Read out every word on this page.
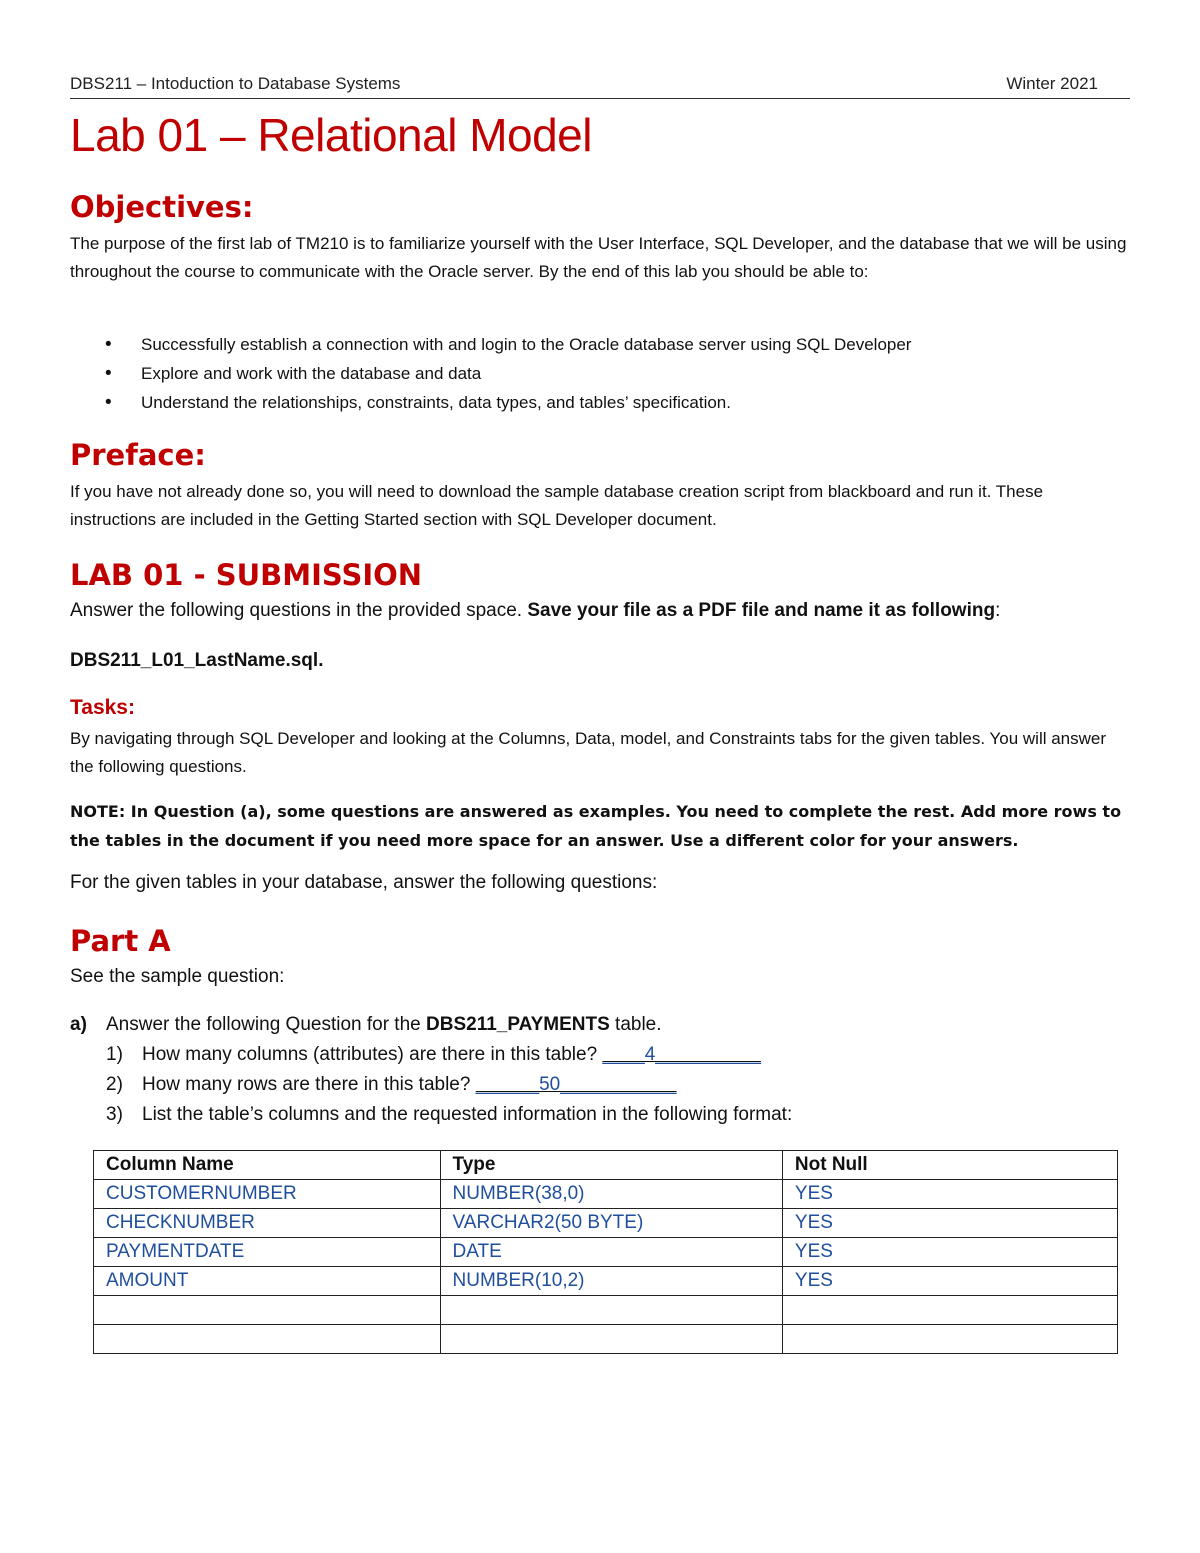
DBS211 – Intoduction to Database Systems	Winter 2021
Lab 01 – Relational Model
Objectives:
The purpose of the first lab of TM210 is to familiarize yourself with the User Interface, SQL Developer, and the database that we will be using throughout the course to communicate with the Oracle server. By the end of this lab you should be able to:
• Successfully establish a connection with and login to the Oracle database server using SQL Developer
• Explore and work with the database and data
• Understand the relationships, constraints, data types, and tables’ specification.
Preface:
If you have not already done so, you will need to download the sample database creation script from blackboard and run it. These instructions are included in the Getting Started section with SQL Developer document.
LAB 01 - SUBMISSION
Answer the following questions in the provided space. Save your file as a PDF file and name it as following:
DBS211_L01_LastName.sql.
Tasks:
By navigating through SQL Developer and looking at the Columns, Data, model, and Constraints tabs for the given tables. You will answer the following questions.
NOTE: In Question (a), some questions are answered as examples. You need to complete the rest. Add more rows to the tables in the document if you need more space for an answer. Use a different color for your answers.
For the given tables in your database, answer the following questions:
Part A
See the sample question:
a) Answer the following Question for the DBS211_PAYMENTS table.
1) How many columns (attributes) are there in this table? ____4__________
2) How many rows are there in this table? ______50___________
3) List the table’s columns and the requested information in the following format:
Column Name	Type	Not Null
CUSTOMERNUMBER	NUMBER(38,0)	YES
CHECKNUMBER	VARCHAR2(50 BYTE)	YES
PAYMENTDATE	DATE	YES
AMOUNT	NUMBER(10,2)	YES
